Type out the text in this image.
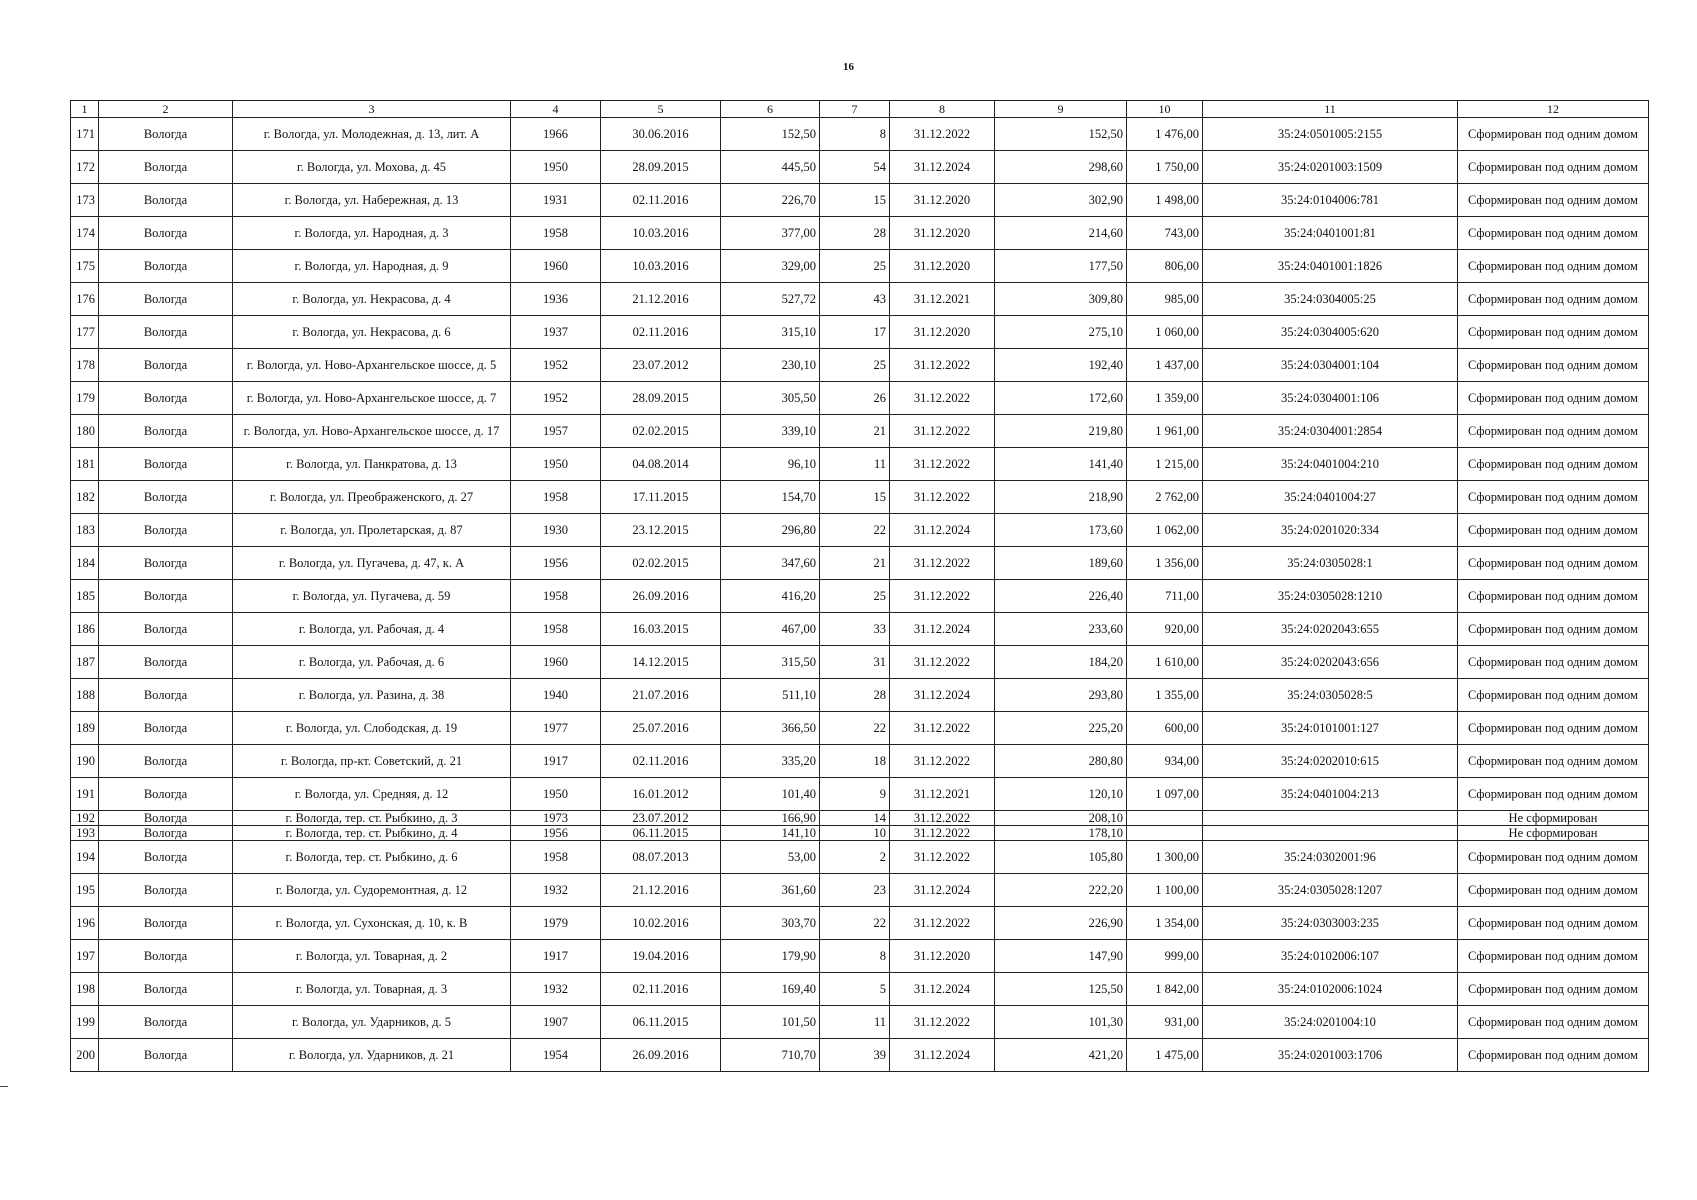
16
1	2	3	4	5	6	7	8	9	10	11	12
171	Вологда	г. Вологда, ул. Молодежная, д. 13, лит. А	1966	30.06.2016	152,50	8	31.12.2022	152,50	1 476,00	35:24:0501005:2155	Сформирован под одним домом
172	Вологда	г. Вологда, ул. Мохова, д. 45	1950	28.09.2015	445,50	54	31.12.2024	298,60	1 750,00	35:24:0201003:1509	Сформирован под одним домом
173	Вологда	г. Вологда, ул. Набережная, д. 13	1931	02.11.2016	226,70	15	31.12.2020	302,90	1 498,00	35:24:0104006:781	Сформирован под одним домом
174	Вологда	г. Вологда, ул. Народная, д. 3	1958	10.03.2016	377,00	28	31.12.2020	214,60	743,00	35:24:0401001:81	Сформирован под одним домом
175	Вологда	г. Вологда, ул. Народная, д. 9	1960	10.03.2016	329,00	25	31.12.2020	177,50	806,00	35:24:0401001:1826	Сформирован под одним домом
176	Вологда	г. Вологда, ул. Некрасова, д. 4	1936	21.12.2016	527,72	43	31.12.2021	309,80	985,00	35:24:0304005:25	Сформирован под одним домом
177	Вологда	г. Вологда, ул. Некрасова, д. 6	1937	02.11.2016	315,10	17	31.12.2020	275,10	1 060,00	35:24:0304005:620	Сформирован под одним домом
178	Вологда	г. Вологда, ул. Ново-Архангельское шоссе, д. 5	1952	23.07.2012	230,10	25	31.12.2022	192,40	1 437,00	35:24:0304001:104	Сформирован под одним домом
179	Вологда	г. Вологда, ул. Ново-Архангельское шоссе, д. 7	1952	28.09.2015	305,50	26	31.12.2022	172,60	1 359,00	35:24:0304001:106	Сформирован под одним домом
180	Вологда	г. Вологда, ул. Ново-Архангельское шоссе, д. 17	1957	02.02.2015	339,10	21	31.12.2022	219,80	1 961,00	35:24:0304001:2854	Сформирован под одним домом
181	Вологда	г. Вологда, ул. Панкратова, д. 13	1950	04.08.2014	96,10	11	31.12.2022	141,40	1 215,00	35:24:0401004:210	Сформирован под одним домом
182	Вологда	г. Вологда, ул. Преображенского, д. 27	1958	17.11.2015	154,70	15	31.12.2022	218,90	2 762,00	35:24:0401004:27	Сформирован под одним домом
183	Вологда	г. Вологда, ул. Пролетарская, д. 87	1930	23.12.2015	296,80	22	31.12.2024	173,60	1 062,00	35:24:0201020:334	Сформирован под одним домом
184	Вологда	г. Вологда, ул. Пугачева, д. 47, к. А	1956	02.02.2015	347,60	21	31.12.2022	189,60	1 356,00	35:24:0305028:1	Сформирован под одним домом
185	Вологда	г. Вологда, ул. Пугачева, д. 59	1958	26.09.2016	416,20	25	31.12.2022	226,40	711,00	35:24:0305028:1210	Сформирован под одним домом
186	Вологда	г. Вологда, ул. Рабочая, д. 4	1958	16.03.2015	467,00	33	31.12.2024	233,60	920,00	35:24:0202043:655	Сформирован под одним домом
187	Вологда	г. Вологда, ул. Рабочая, д. 6	1960	14.12.2015	315,50	31	31.12.2022	184,20	1 610,00	35:24:0202043:656	Сформирован под одним домом
188	Вологда	г. Вологда, ул. Разина, д. 38	1940	21.07.2016	511,10	28	31.12.2024	293,80	1 355,00	35:24:0305028:5	Сформирован под одним домом
189	Вологда	г. Вологда, ул. Слободская, д. 19	1977	25.07.2016	366,50	22	31.12.2022	225,20	600,00	35:24:0101001:127	Сформирован под одним домом
190	Вологда	г. Вологда, пр-кт. Советский, д. 21	1917	02.11.2016	335,20	18	31.12.2022	280,80	934,00	35:24:0202010:615	Сформирован под одним домом
191	Вологда	г. Вологда, ул. Средняя, д. 12	1950	16.01.2012	101,40	9	31.12.2021	120,10	1 097,00	35:24:0401004:213	Сформирован под одним домом
192	Вологда	г. Вологда, тер. ст. Рыбкино, д. 3	1973	23.07.2012	166,90	14	31.12.2022	208,10			Не сформирован
193	Вологда	г. Вологда, тер. ст. Рыбкино, д. 4	1956	06.11.2015	141,10	10	31.12.2022	178,10			Не сформирован
194	Вологда	г. Вологда, тер. ст. Рыбкино, д. 6	1958	08.07.2013	53,00	2	31.12.2022	105,80	1 300,00	35:24:0302001:96	Сформирован под одним домом
195	Вологда	г. Вологда, ул. Судоремонтная, д. 12	1932	21.12.2016	361,60	23	31.12.2024	222,20	1 100,00	35:24:0305028:1207	Сформирован под одним домом
196	Вологда	г. Вологда, ул. Сухонская, д. 10, к. В	1979	10.02.2016	303,70	22	31.12.2022	226,90	1 354,00	35:24:0303003:235	Сформирован под одним домом
197	Вологда	г. Вологда, ул. Товарная, д. 2	1917	19.04.2016	179,90	8	31.12.2020	147,90	999,00	35:24:0102006:107	Сформирован под одним домом
198	Вологда	г. Вологда, ул. Товарная, д. 3	1932	02.11.2016	169,40	5	31.12.2024	125,50	1 842,00	35:24:0102006:1024	Сформирован под одним домом
199	Вологда	г. Вологда, ул. Ударников, д. 5	1907	06.11.2015	101,50	11	31.12.2022	101,30	931,00	35:24:0201004:10	Сформирован под одним домом
200	Вологда	г. Вологда, ул. Ударников, д. 21	1954	26.09.2016	710,70	39	31.12.2024	421,20	1 475,00	35:24:0201003:1706	Сформирован под одним домом
